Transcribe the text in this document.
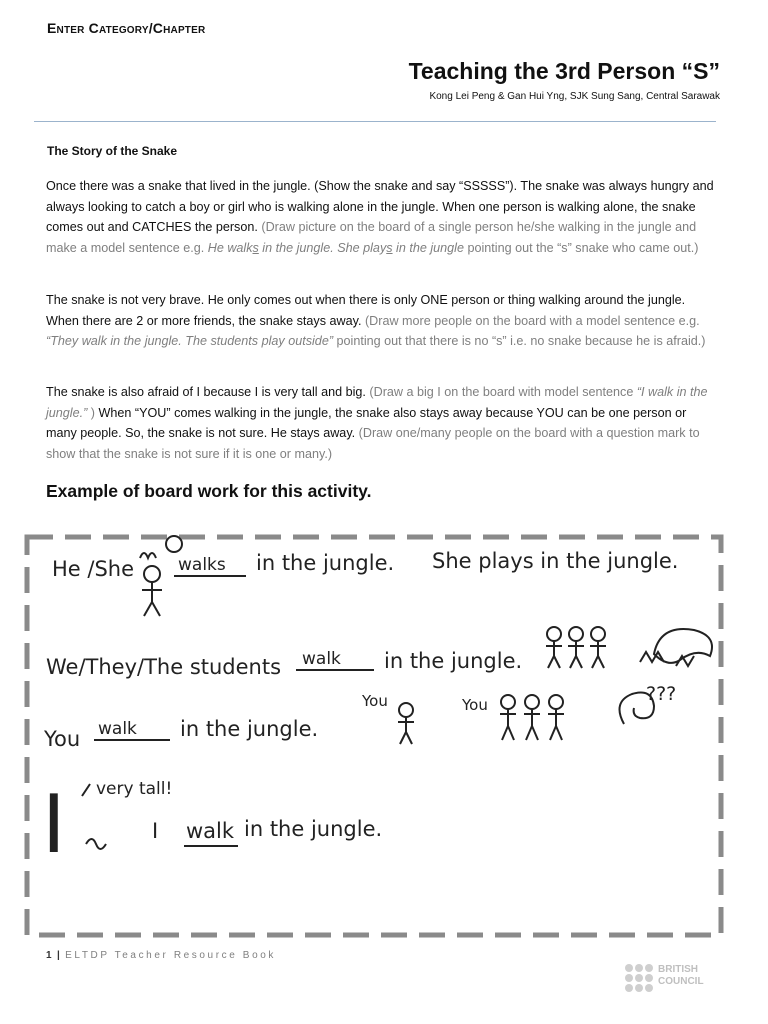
Enter Category/Chapter
Teaching the 3rd Person “S”
Kong Lei Peng & Gan Hui Yng, SJK Sung Sang, Central Sarawak
The Story of the Snake
Once there was a snake that lived in the jungle. (Show the snake and say “SSSSS”). The snake was always hungry and always looking to catch a boy or girl who is walking alone in the jungle. When one person is walking alone, the snake comes out and CATCHES the person. (Draw picture on the board of a single person he/she walking in the jungle and make a model sentence e.g. He walks in the jungle. She plays in the jungle pointing out the “s” snake who came out.)
The snake is not very brave. He only comes out when there is only ONE person or thing walking around the jungle. When there are 2 or more friends, the snake stays away. (Draw more people on the board with a model sentence e.g. “They walk in the jungle. The students play outside” pointing out that there is no “s” i.e. no snake because he is afraid.)
The snake is also afraid of I because I is very tall and big. (Draw a big I on the board with model sentence “I walk in the jungle.” ) When “YOU” comes walking in the jungle, the snake also stays away because YOU can be one person or many people. So, the snake is not sure. He stays away. (Draw one/many people on the board with a question mark to show that the snake is not sure if it is one or many.)
Example of board work for this activity.
He /She	walks in the jungle. She plays in the jungle.
We/They/The students walk in the jungle.
You walk in the jungle.
You	You	???
I very tall!
I walk in the jungle.
1 | ELTDP Teacher Resource Book
BRITISH
COUNCIL
